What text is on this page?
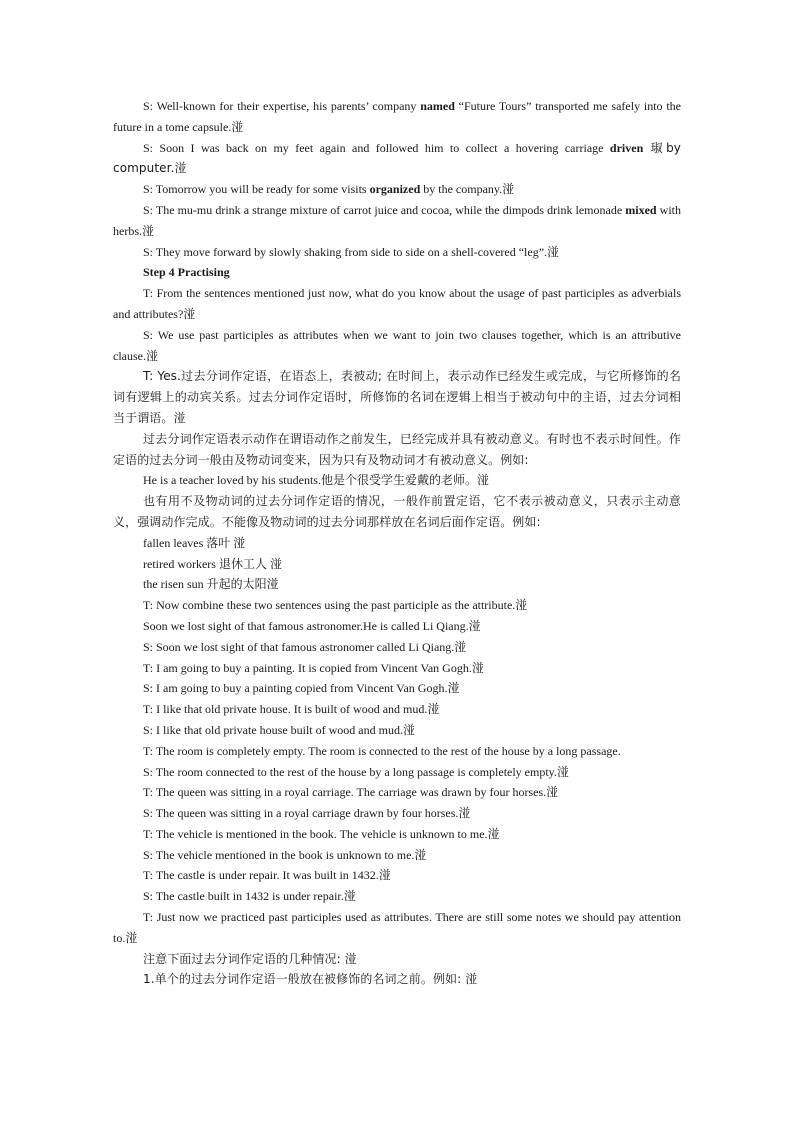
S: Well-known for their expertise, his parents’ company named “Future Tours” transported me safely into the future in a tome capsule.湴

S: Soon I was back on my feet again and followed him to collect a hovering carriage driven 琡by computer.湴

S: Tomorrow you will be ready for some visits organized by the company.湴

S: The mu-mu drink a strange mixture of carrot juice and cocoa, while the dimpods drink lemonade mixed with herbs.湴

S: They move forward by slowly shaking from side to side on a shell-covered “leg”.湴

Step 4 Practising

T: From the sentences mentioned just now, what do you know about the usage of past participles as adverbials and attributes?湴

S: We use past participles as attributes when we want to join two clauses together, which is an attributive clause.湴

T: Yes.过去分词作定语，在语态上，表被动; 在时间上，表示动作已经发生或完成，与它所修饰的名词有逻辑上的动宾关系。过去分词作定语时，所修饰的名词在逻辑上相当于被动句中的主语，过去分词相当于谓语。湴

过去分词作定语表示动作在谓语动作之前发生，已经完成并具有被动意义。有时也不表示时间性。作定语的过去分词一般由及物动词变来，因为只有及物动词才有被动意义。例如:

He is a teacher loved by his students.他是个很受学生爱戴的老师。湴

也有用不及物动词的过去分词作定语的情况，一般作前置定语，它不表示被动意义，只表示主动意义，强调动作完成。不能像及物动词的过去分词那样放在名词后面作定语。例如:

fallen leaves 落叶 湴

retired workers 退休工人 湴

the risen sun 升起的太阳湴

T: Now combine these two sentences using the past participle as the attribute.湴

Soon we lost sight of that famous astronomer.He is called Li Qiang.湴

S: Soon we lost sight of that famous astronomer called Li Qiang.湴

T: I am going to buy a painting. It is copied from Vincent Van Gogh.湴

S: I am going to buy a painting copied from Vincent Van Gogh.湴

T: I like that old private house. It is built of wood and mud.湴

S: I like that old private house built of wood and mud.湴

T: The room is completely empty. The room is connected to the rest of the house by a long passage.

S: The room connected to the rest of the house by a long passage is completely empty.湴

T: The queen was sitting in a royal carriage. The carriage was drawn by four horses.湴

S: The queen was sitting in a royal carriage drawn by four horses.湴

T: The vehicle is mentioned in the book. The vehicle is unknown to me.湴

S: The vehicle mentioned in the book is unknown to me.湴

T: The castle is under repair. It was built in 1432.湴

S: The castle built in 1432 is under repair.湴

T: Just now we practiced past participles used as attributes. There are still some notes we should pay attention to.湴

注意下面过去分词作定语的几种情况: 湴

1.单个的过去分词作定语一般放在被修饰的名词之前。例如: 湴
